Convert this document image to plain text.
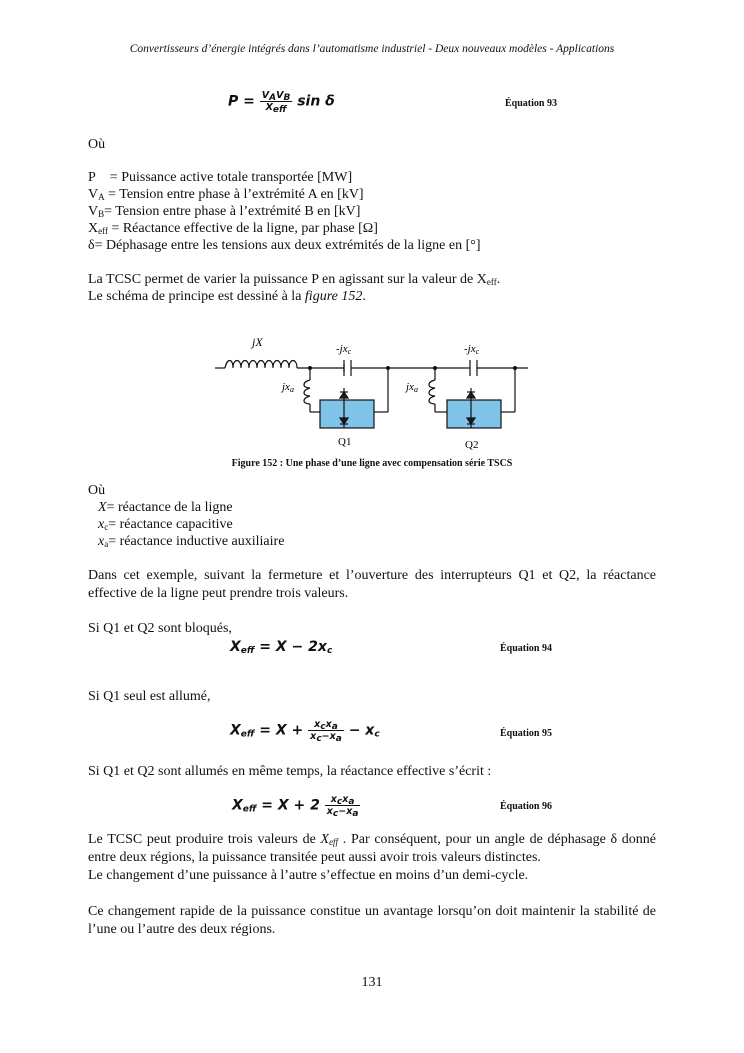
Convertisseurs d’énergie intégrés dans l’automatisme industriel - Deux nouveaux modèles - Applications
$P = \frac{V_AV_B}{X_{eff}}$ sin δ	Équation 93
Où
P = Puissance active totale transportée [MW]
$V_A$ = Tension entre phase à l’extrémité A en [kV]
$V_B=$ Tension entre phase à l’extrémité B en [kV]
$X_{eff}$ = Réactance effective de la ligne, par phase [Ω]
δ= Déphasage entre les tensions aux deux extrémités de la ligne en [°]
La TCSC permet de varier la puissance P en agissant sur la valeur de $X_{eff}$.
Le schéma de principe est dessiné à la figure 152.
jX	-jxc	-jxc
jxa	jxa
Q1	Q2
Figure 152 : Une phase d’une ligne avec compensation série TSCS
Où
X= réactance de la ligne
$x_c=$ réactance capacitive
$x_a=$ réactance inductive auxiliaire
Dans cet exemple, suivant la fermeture et l’ouverture des interrupteurs Q1 et Q2, la réactance effective de la ligne peut prendre trois valeurs.
Si Q1 et Q2 sont bloqués,
$X_{eff} = X - 2x_c$	Équation 94
Si Q1 seul est allumé,
$X_{eff} = X + \frac{x_cx_a}{x_c-x_a} - x_c$	Équation 95
Si Q1 et Q2 sont allumés en même temps, la réactance effective s’écrit :
$X_{eff} = X + 2 \frac{x_cx_a}{x_c-x_a}$	Équation 96
Le TCSC peut produire trois valeurs de $X_{eff}$ . Par conséquent, pour un angle de déphasage δ donné entre deux régions, la puissance transitée peut aussi avoir trois valeurs distinctes.
Le changement d’une puissance à l’autre s’effectue en moins d’un demi-cycle.
Ce changement rapide de la puissance constitue un avantage lorsqu’on doit maintenir la stabilité de l’une ou l’autre des deux régions.
131
